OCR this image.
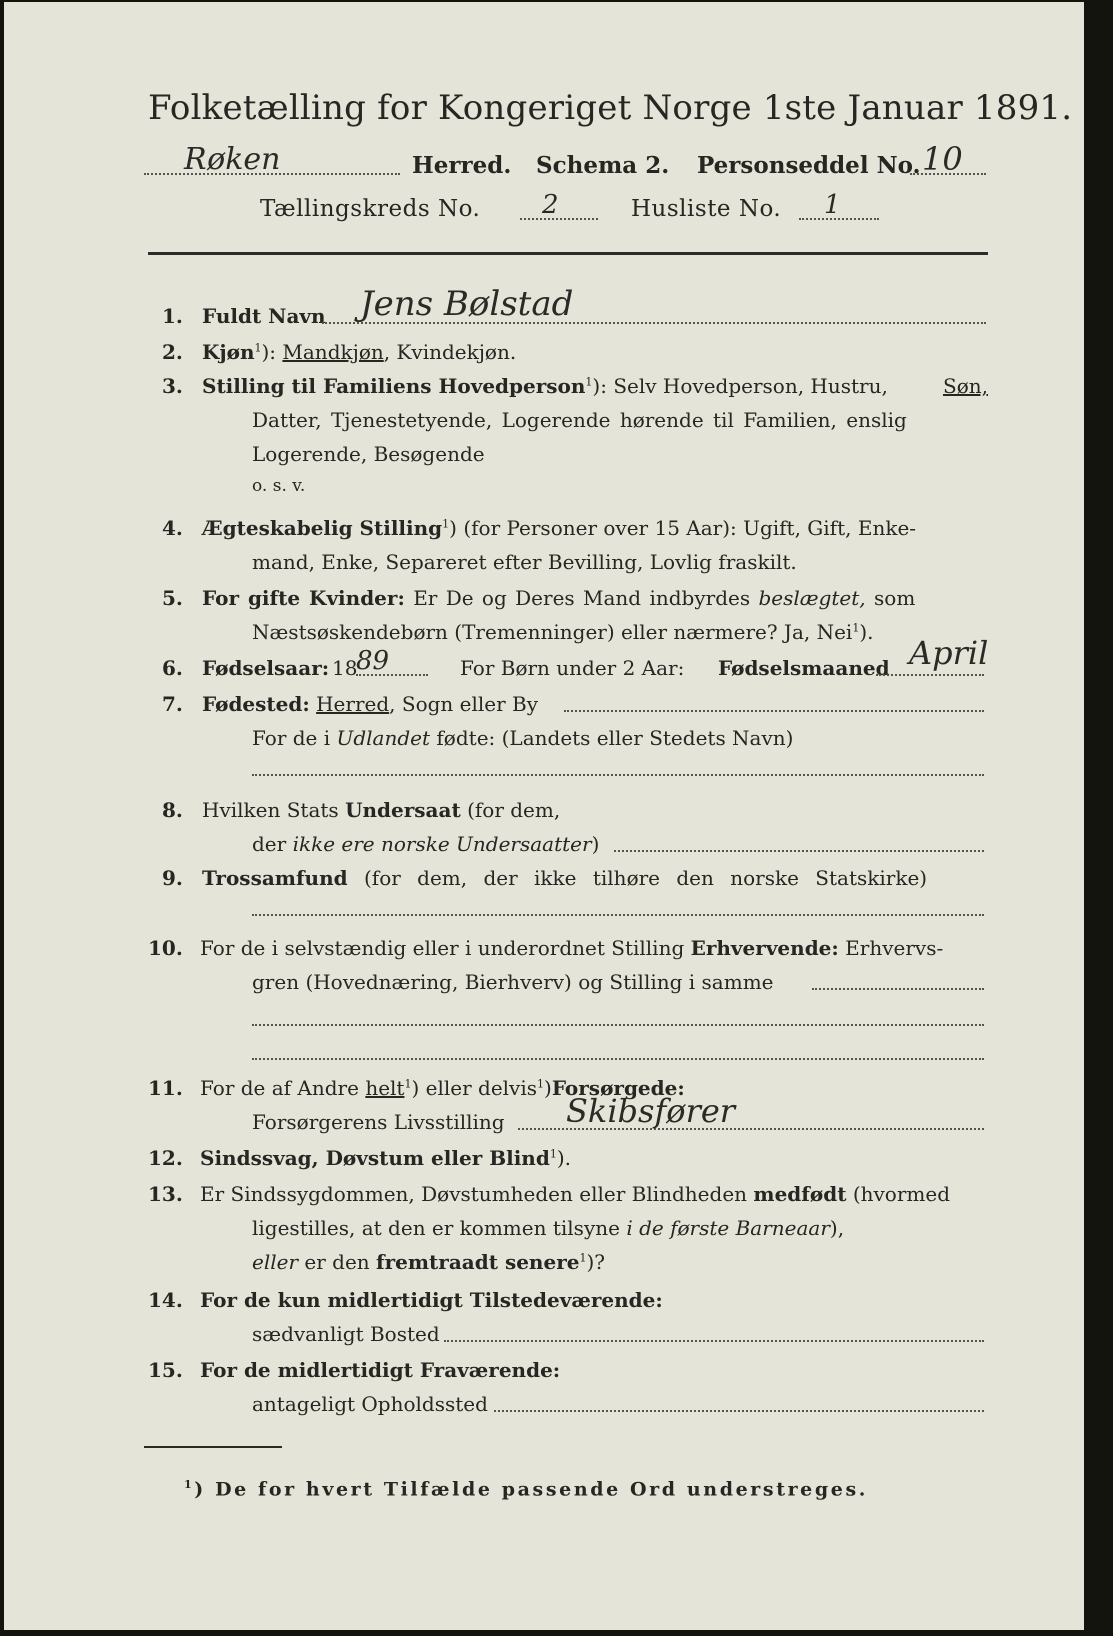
Folketælling for Kongeriget Norge 1ste Januar 1891.
Røken	Herred. Schema 2. Personseddel No. 10
Tællingskreds No. 2	Husliste No. 1
1. Fuldt Navn Jens Bølstad
2. Kjøn$^1$): Mandkjøn, Kvindekjøn.
3. Stilling til Familiens Hovedperson$^1$): Selv Hovedperson, Hustru,	Søn,
Datter, Tjenestetyende, Logerende hørende til Familien, enslig
Logerende, Besøgende
o. s. v.
4. Ægteskabelig Stilling$^1$) (for Personer over 15 Aar): Ugift, Gift, Enke-
mand, Enke, Separeret efter Bevilling, Lovlig fraskilt.
5. For gifte Kvinder: Er De og Deres Mand indbyrdes beslægtet, som
Næstsøskendebørn (Tremenninger) eller nærmere? Ja, Nei$^1$).
6. Fødselsaar: 18
89	For Børn under 2 Aar: Fødselsmaaned April
7. Fødested: Herred, Sogn eller By
For de i Udlandet fødte: (Landets eller Stedets Navn)
8. Hvilken Stats Undersaat (for dem,
der ikke ere norske Undersaatter)
9. Trossamfund (for dem, der ikke tilhøre den norske Statskirke)
10. For de i selvstændig eller i underordnet Stilling Erhvervende: Erhvervs-
gren (Hovednæring, Bierhverv) og Stilling i samme
11. For de af Andre helt$^1$) eller delvis$^1$)Forsørgede:
Forsørgerens Livsstilling Skibsfører
12. Sindssvag, Døvstum eller Blind$^1$).
13. Er Sindssygdommen, Døvstumheden eller Blindheden medfødt (hvormed
ligestilles, at den er kommen tilsyne i de første Barneaar),
eller er den fremtraadt senere$^1$)?
14. For de kun midlertidigt Tilstedeværende:
sædvanligt Bosted
15. For de midlertidigt Fraværende:
antageligt Opholdssted
$^1$) De for hvert Tilfælde passende Ord understreges.
